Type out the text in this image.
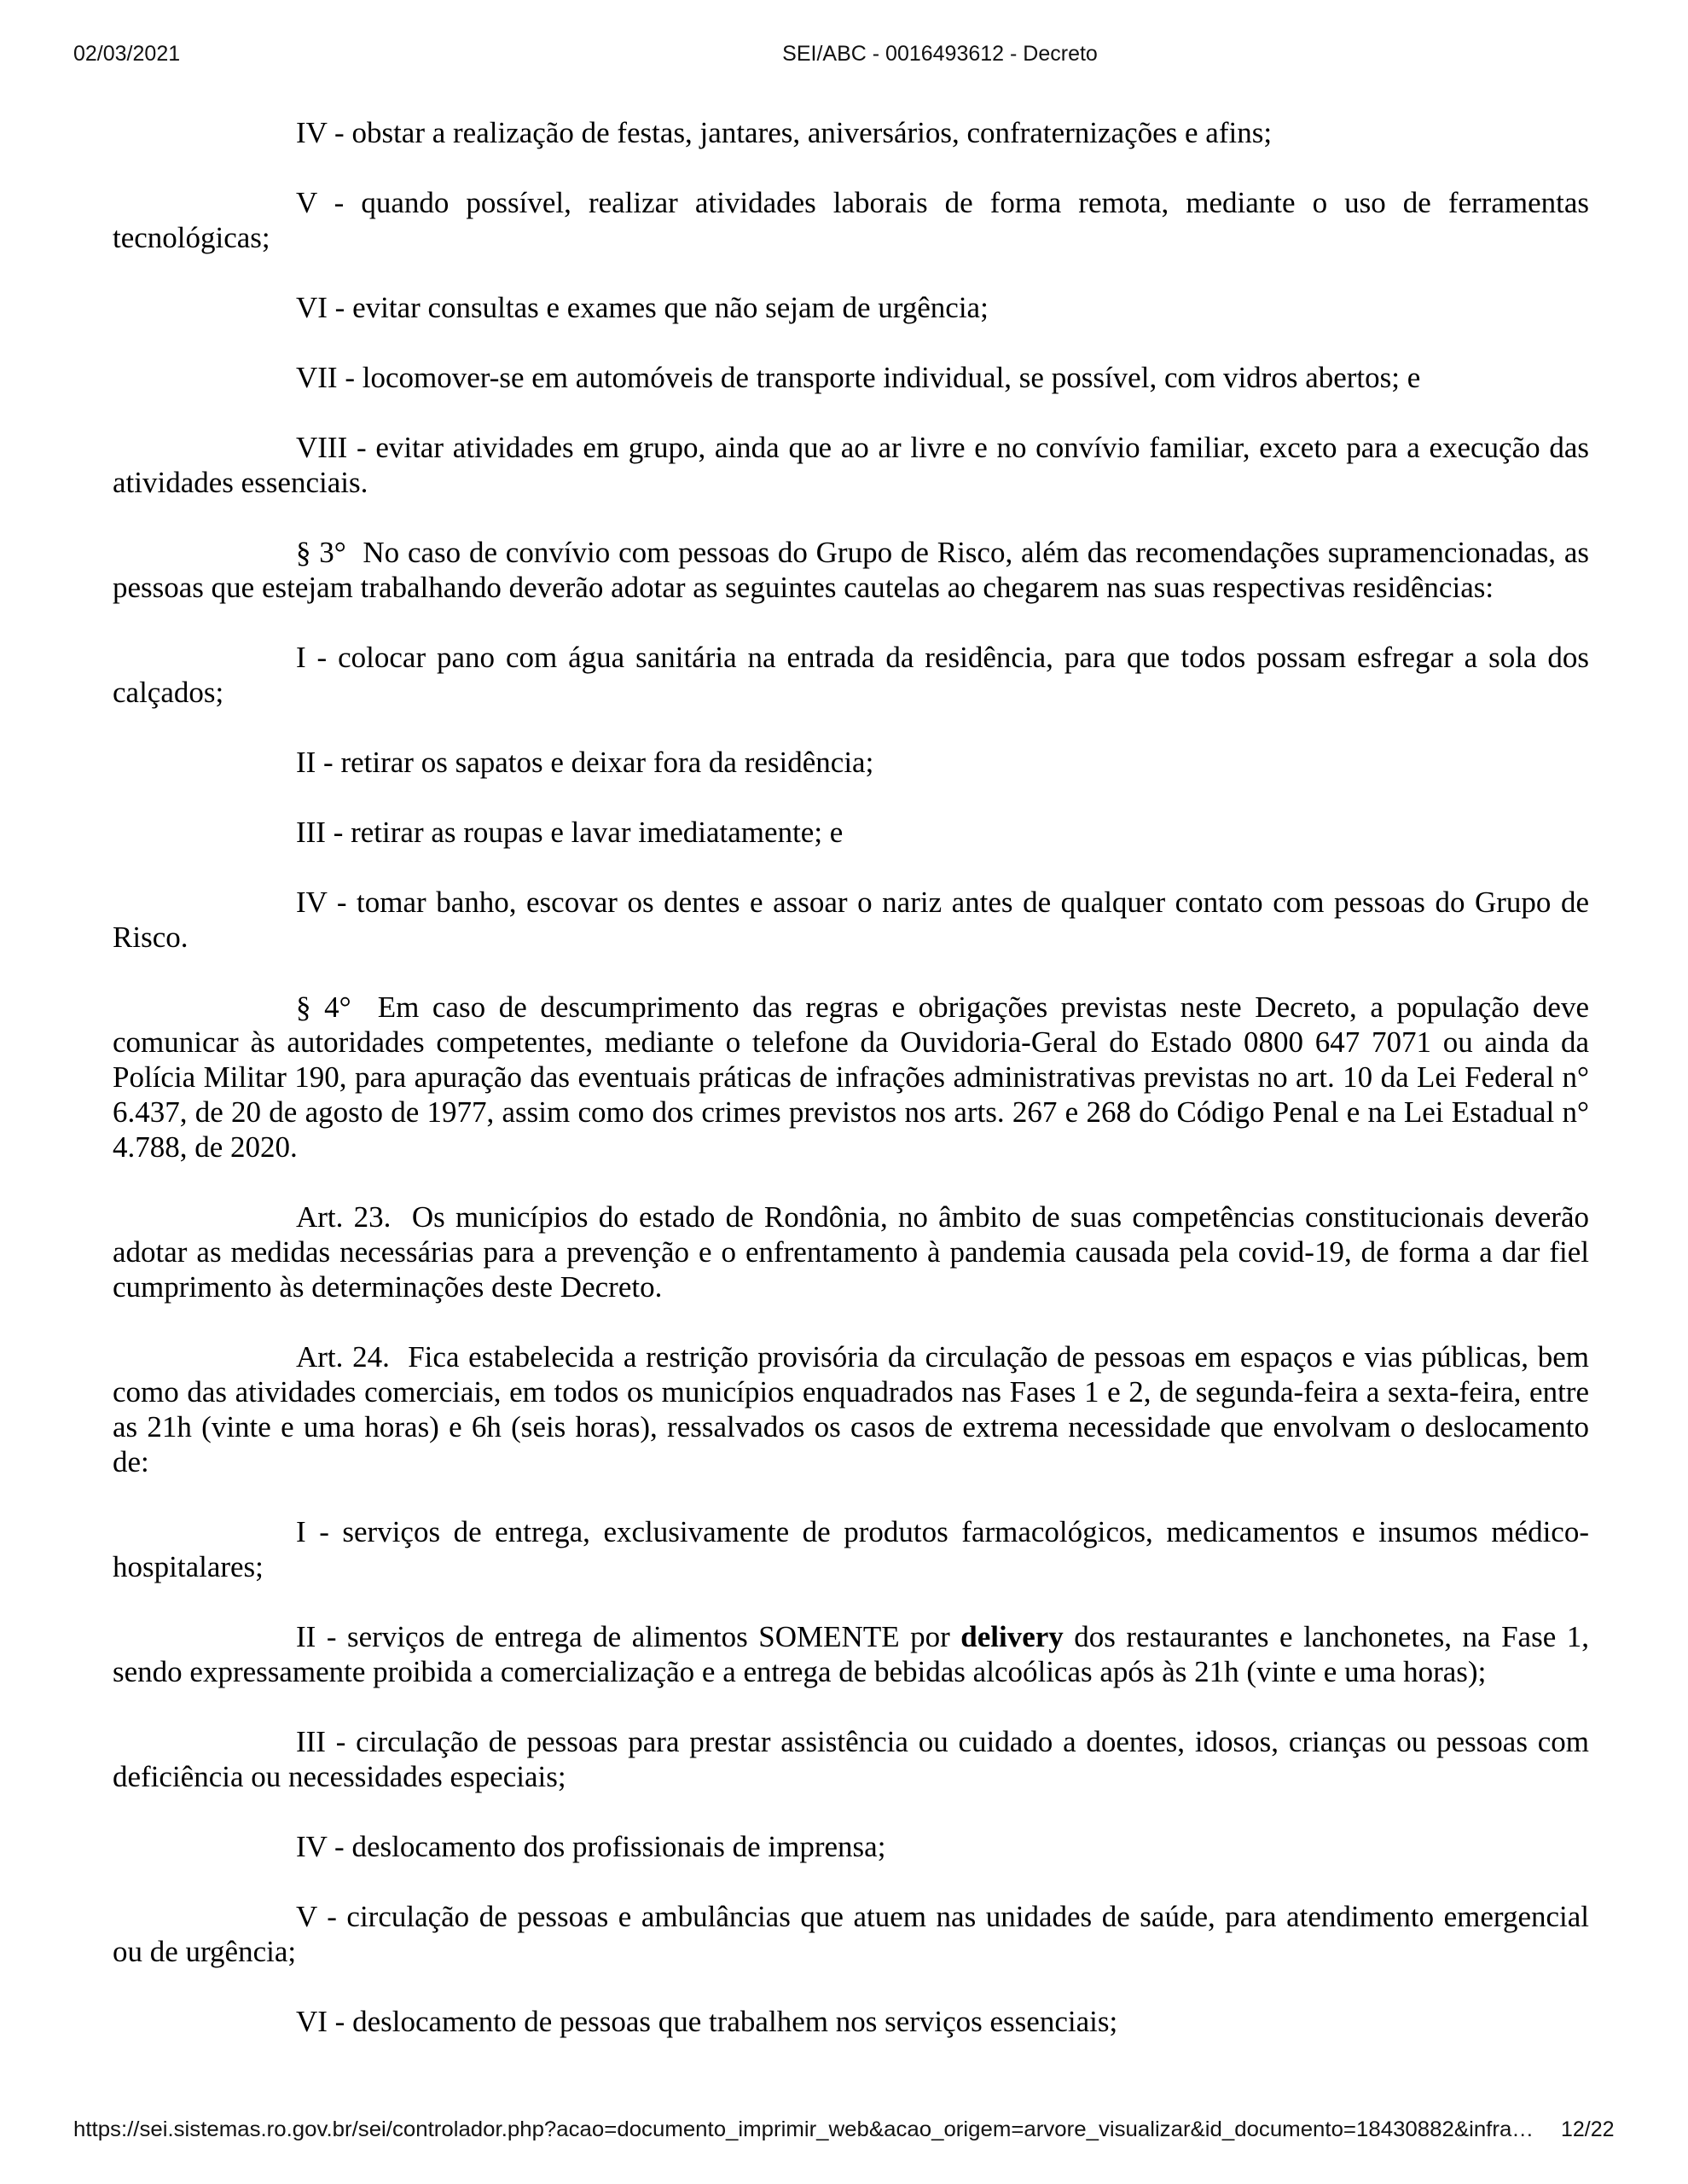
02/03/2021	SEI/ABC - 0016493612 - Decreto

IV - obstar a realização de festas, jantares, aniversários, confraternizações e afins;

V - quando possível, realizar atividades laborais de forma remota, mediante o uso de ferramentas tecnológicas;

VI - evitar consultas e exames que não sejam de urgência;

VII - locomover-se em automóveis de transporte individual, se possível, com vidros abertos; e

VIII - evitar atividades em grupo, ainda que ao ar livre e no convívio familiar, exceto para a execução das atividades essenciais.

§ 3°  No caso de convívio com pessoas do Grupo de Risco, além das recomendações supramencionadas, as pessoas que estejam trabalhando deverão adotar as seguintes cautelas ao chegarem nas suas respectivas residências:

I - colocar pano com água sanitária na entrada da residência, para que todos possam esfregar a sola dos calçados;

II - retirar os sapatos e deixar fora da residência;

III - retirar as roupas e lavar imediatamente; e

IV - tomar banho, escovar os dentes e assoar o nariz antes de qualquer contato com pessoas do Grupo de Risco.

§ 4°  Em caso de descumprimento das regras e obrigações previstas neste Decreto, a população deve comunicar às autoridades competentes, mediante o telefone da Ouvidoria-Geral do Estado 0800 647 7071 ou ainda da Polícia Militar 190, para apuração das eventuais práticas de infrações administrativas previstas no art. 10 da Lei Federal n° 6.437, de 20 de agosto de 1977, assim como dos crimes previstos nos arts. 267 e 268 do Código Penal e na Lei Estadual n° 4.788, de 2020.

Art. 23.  Os municípios do estado de Rondônia, no âmbito de suas competências constitucionais deverão adotar as medidas necessárias para a prevenção e o enfrentamento à pandemia causada pela covid-19, de forma a dar fiel cumprimento às determinações deste Decreto.

Art. 24.  Fica estabelecida a restrição provisória da circulação de pessoas em espaços e vias públicas, bem como das atividades comerciais, em todos os municípios enquadrados nas Fases 1 e 2, de segunda-feira a sexta-feira, entre as 21h (vinte e uma horas) e 6h (seis horas), ressalvados os casos de extrema necessidade que envolvam o deslocamento de:

I - serviços de entrega, exclusivamente de produtos farmacológicos, medicamentos e insumos médico-hospitalares;

II - serviços de entrega de alimentos SOMENTE por delivery dos restaurantes e lanchonetes, na Fase 1, sendo expressamente proibida a comercialização e a entrega de bebidas alcoólicas após às 21h (vinte e uma horas);

III - circulação de pessoas para prestar assistência ou cuidado a doentes, idosos, crianças ou pessoas com deficiência ou necessidades especiais;

IV - deslocamento dos profissionais de imprensa;

V - circulação de pessoas e ambulâncias que atuem nas unidades de saúde, para atendimento emergencial ou de urgência;

VI - deslocamento de pessoas que trabalhem nos serviços essenciais;

https://sei.sistemas.ro.gov.br/sei/controlador.php?acao=documento_imprimir_web&acao_origem=arvore_visualizar&id_documento=18430882&infra… 12/22
